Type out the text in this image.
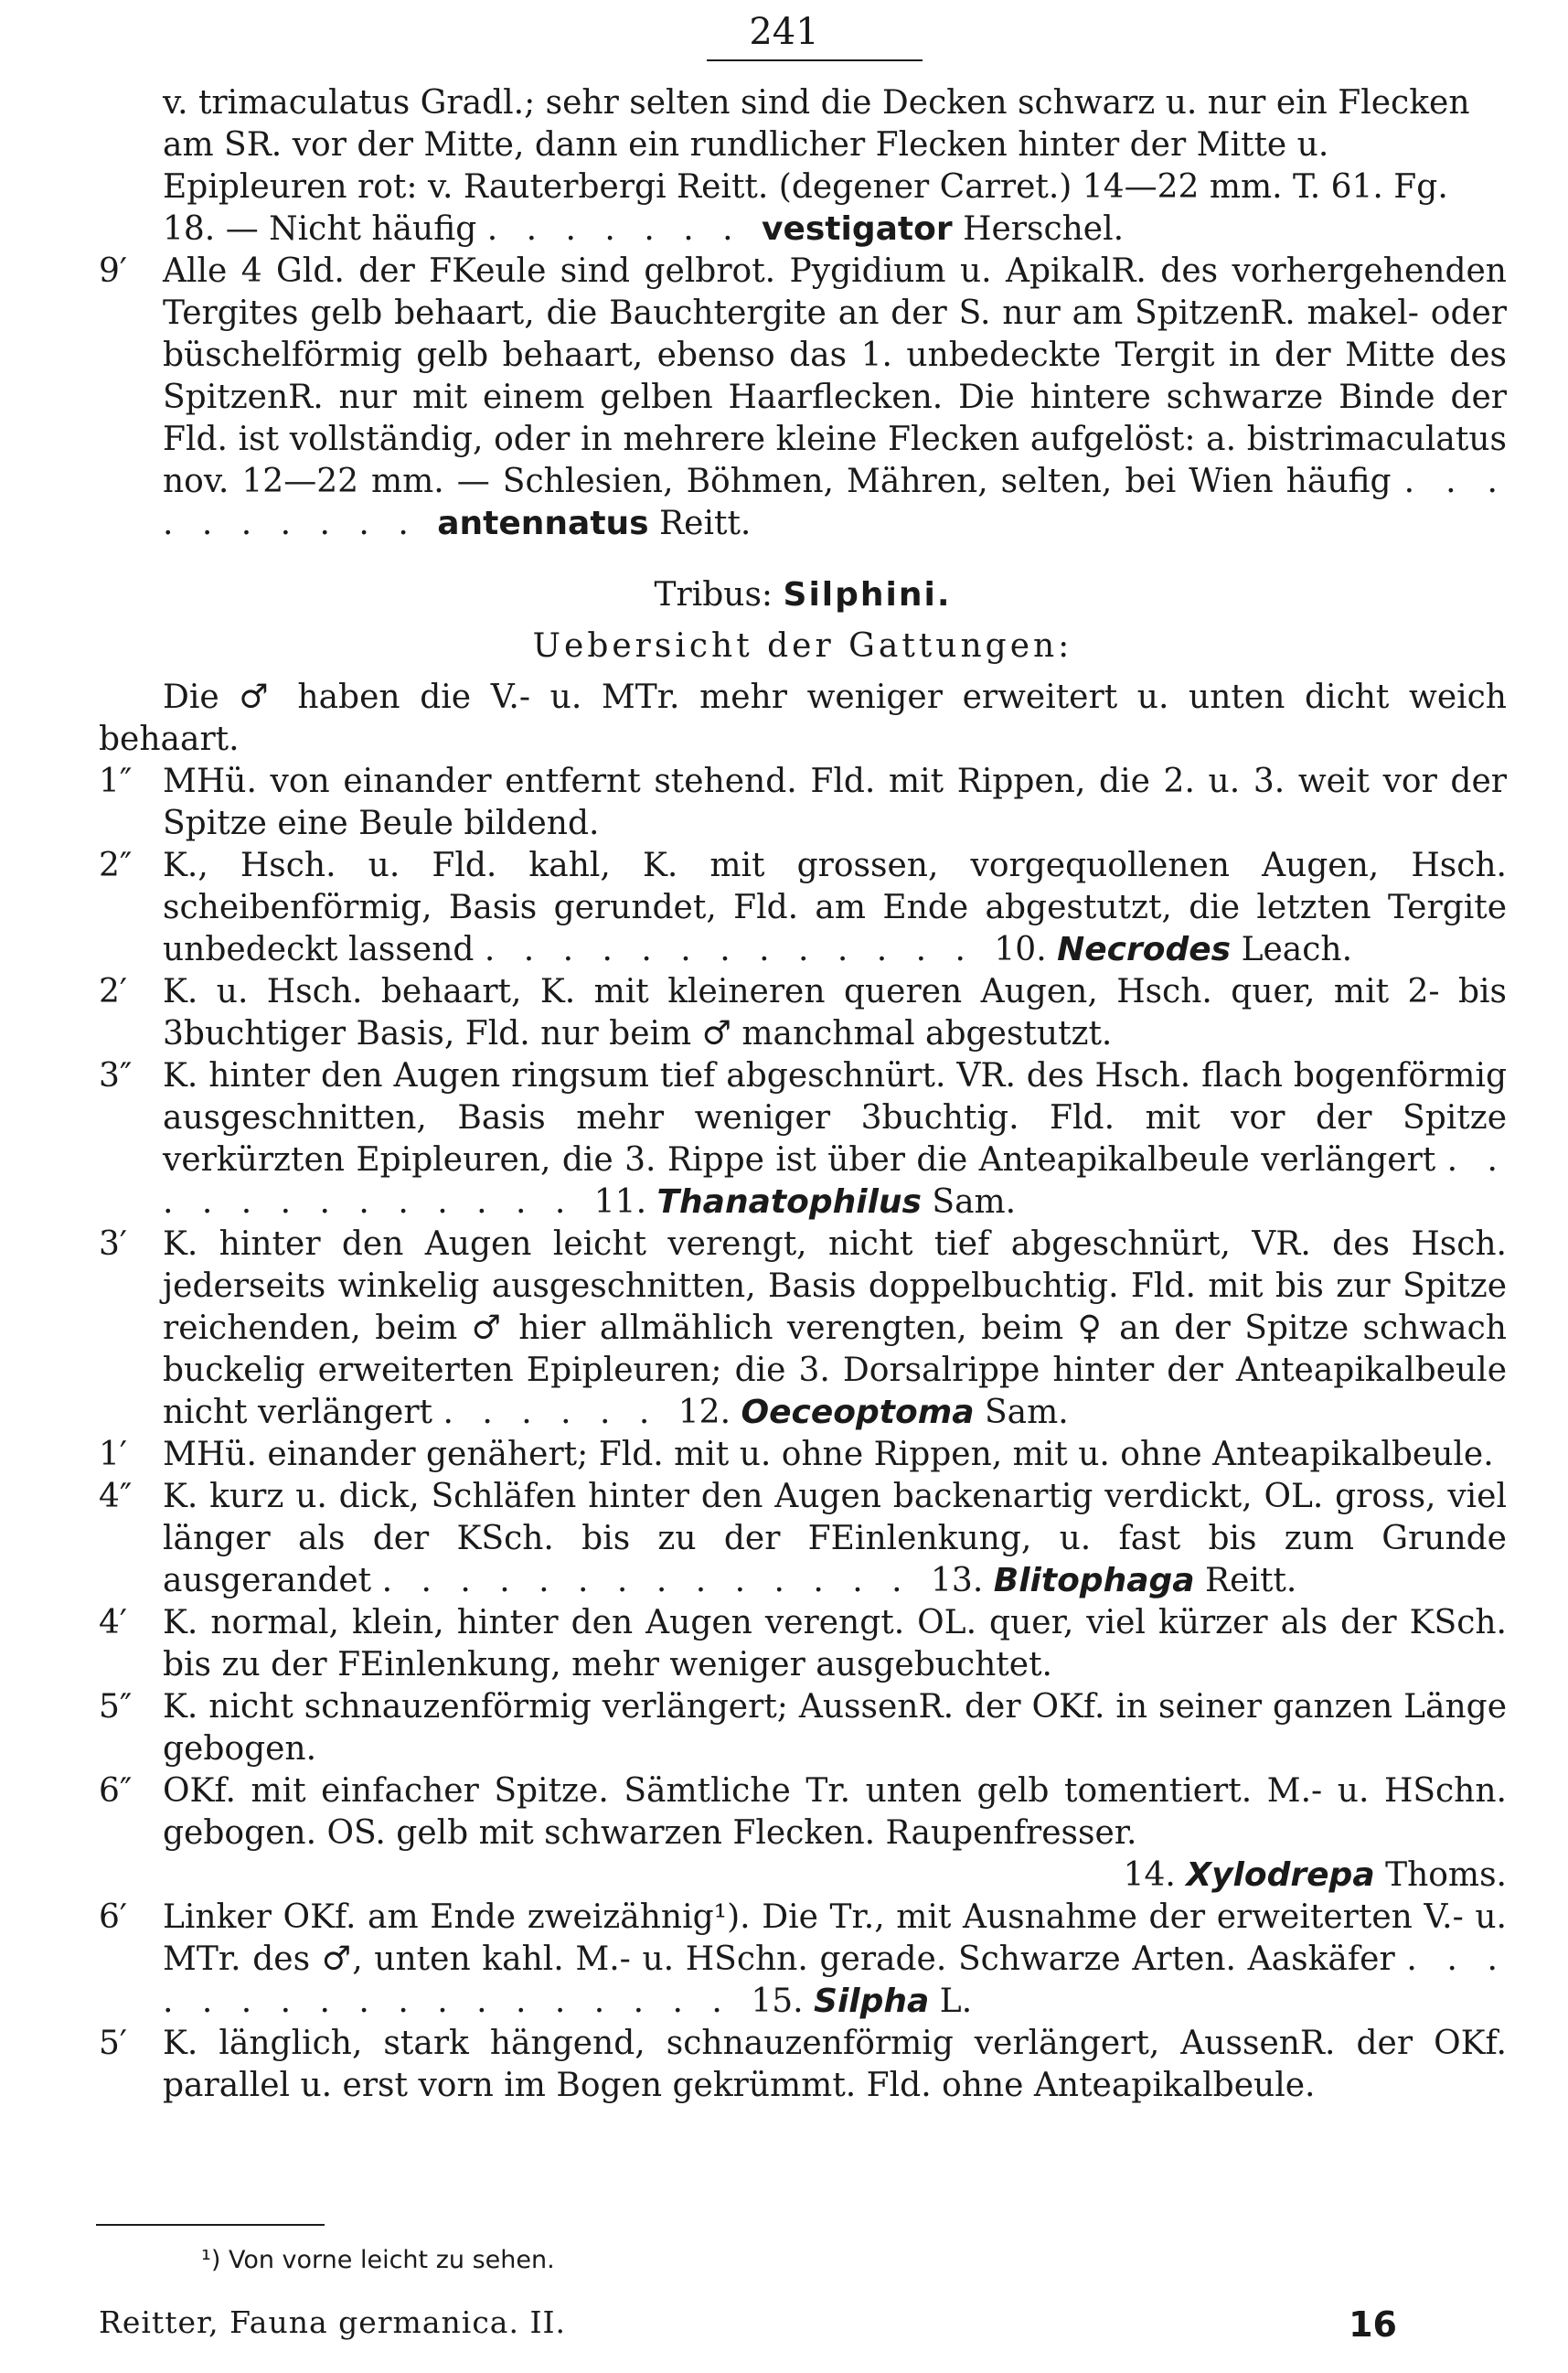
241
v. trimaculatus Gradl.; sehr selten sind die Decken schwarz u. nur ein Flecken am SR. vor der Mitte, dann ein rundlicher Flecken hinter der Mitte u. Epipleuren rot: v. Rauterbergi Reitt. (degener Carret.) 14—22 mm. T. 61. Fg. 18. — Nicht häufig . . . . . . . vestigator Herschel.
9′ Alle 4 Gld. der FKeule sind gelbrot. Pygidium u. ApikalR. des vorhergehenden Tergites gelb behaart, die Bauchtergite an der S. nur am SpitzenR. makel- oder büschelförmig gelb behaart, ebenso das 1. unbedeckte Tergit in der Mitte des SpitzenR. nur mit einem gelben Haarflecken. Die hintere schwarze Binde der Fld. ist vollständig, oder in mehrere kleine Flecken aufgelöst: a. bistrimaculatus nov. 12—22 mm. — Schlesien, Böhmen, Mähren, selten, bei Wien häufig . . . . . . . . . . antennatus Reitt.
Tribus: Silphini.
Uebersicht der Gattungen:
Die ♂ haben die V.- u. MTr. mehr weniger erweitert u. unten dicht weich behaart.
1″ MHü. von einander entfernt stehend. Fld. mit Rippen, die 2. u. 3. weit vor der Spitze eine Beule bildend.
2″ K., Hsch. u. Fld. kahl, K. mit grossen, vorgequollenen Augen, Hsch. scheibenförmig, Basis gerundet, Fld. am Ende abgestutzt, die letzten Tergite unbedeckt lassend . . . . . . . . . . . . . 10. Necrodes Leach.
2′ K. u. Hsch. behaart, K. mit kleineren queren Augen, Hsch. quer, mit 2- bis 3buchtiger Basis, Fld. nur beim ♂ manchmal abgestutzt.
3″ K. hinter den Augen ringsum tief abgeschnürt. VR. des Hsch. flach bogenförmig ausgeschnitten, Basis mehr weniger 3buchtig. Fld. mit vor der Spitze verkürzten Epipleuren, die 3. Rippe ist über die Anteapikalbeule verlängert . . . . . . . . . . . . . 11. Thanatophilus Sam.
3′ K. hinter den Augen leicht verengt, nicht tief abgeschnürt, VR. des Hsch. jederseits winkelig ausgeschnitten, Basis doppelbuchtig. Fld. mit bis zur Spitze reichenden, beim ♂ hier allmählich verengten, beim ♀ an der Spitze schwach buckelig erweiterten Epipleuren; die 3. Dorsalrippe hinter der Anteapikalbeule nicht verlängert . . . . . . 12. Oeceoptoma Sam.
1′ MHü. einander genähert; Fld. mit u. ohne Rippen, mit u. ohne Anteapikalbeule.
4″ K. kurz u. dick, Schläfen hinter den Augen backenartig verdickt, OL. gross, viel länger als der KSch. bis zu der FEinlenkung, u. fast bis zum Grunde ausgerandet . . . . . . . . . . . . . . 13. Blitophaga Reitt.
4′ K. normal, klein, hinter den Augen verengt. OL. quer, viel kürzer als der KSch. bis zu der FEinlenkung, mehr weniger ausgebuchtet.
5″ K. nicht schnauzenförmig verlängert; AussenR. der OKf. in seiner ganzen Länge gebogen.
6″ OKf. mit einfacher Spitze. Sämtliche Tr. unten gelb tomentiert. M.- u. HSchn. gebogen. OS. gelb mit schwarzen Flecken. Raupenfresser.
14. Xylodrepa Thoms.
6′ Linker OKf. am Ende zweizähnig¹). Die Tr., mit Ausnahme der erweiterten V.- u. MTr. des ♂, unten kahl. M.- u. HSchn. gerade. Schwarze Arten. Aaskäfer . . . . . . . . . . . . . . . . . . 15. Silpha L.
5′ K. länglich, stark hängend, schnauzenförmig verlängert, AussenR. der OKf. parallel u. erst vorn im Bogen gekrümmt. Fld. ohne Anteapikalbeule.
¹) Von vorne leicht zu sehen.
Reitter, Fauna germanica. II.	16
